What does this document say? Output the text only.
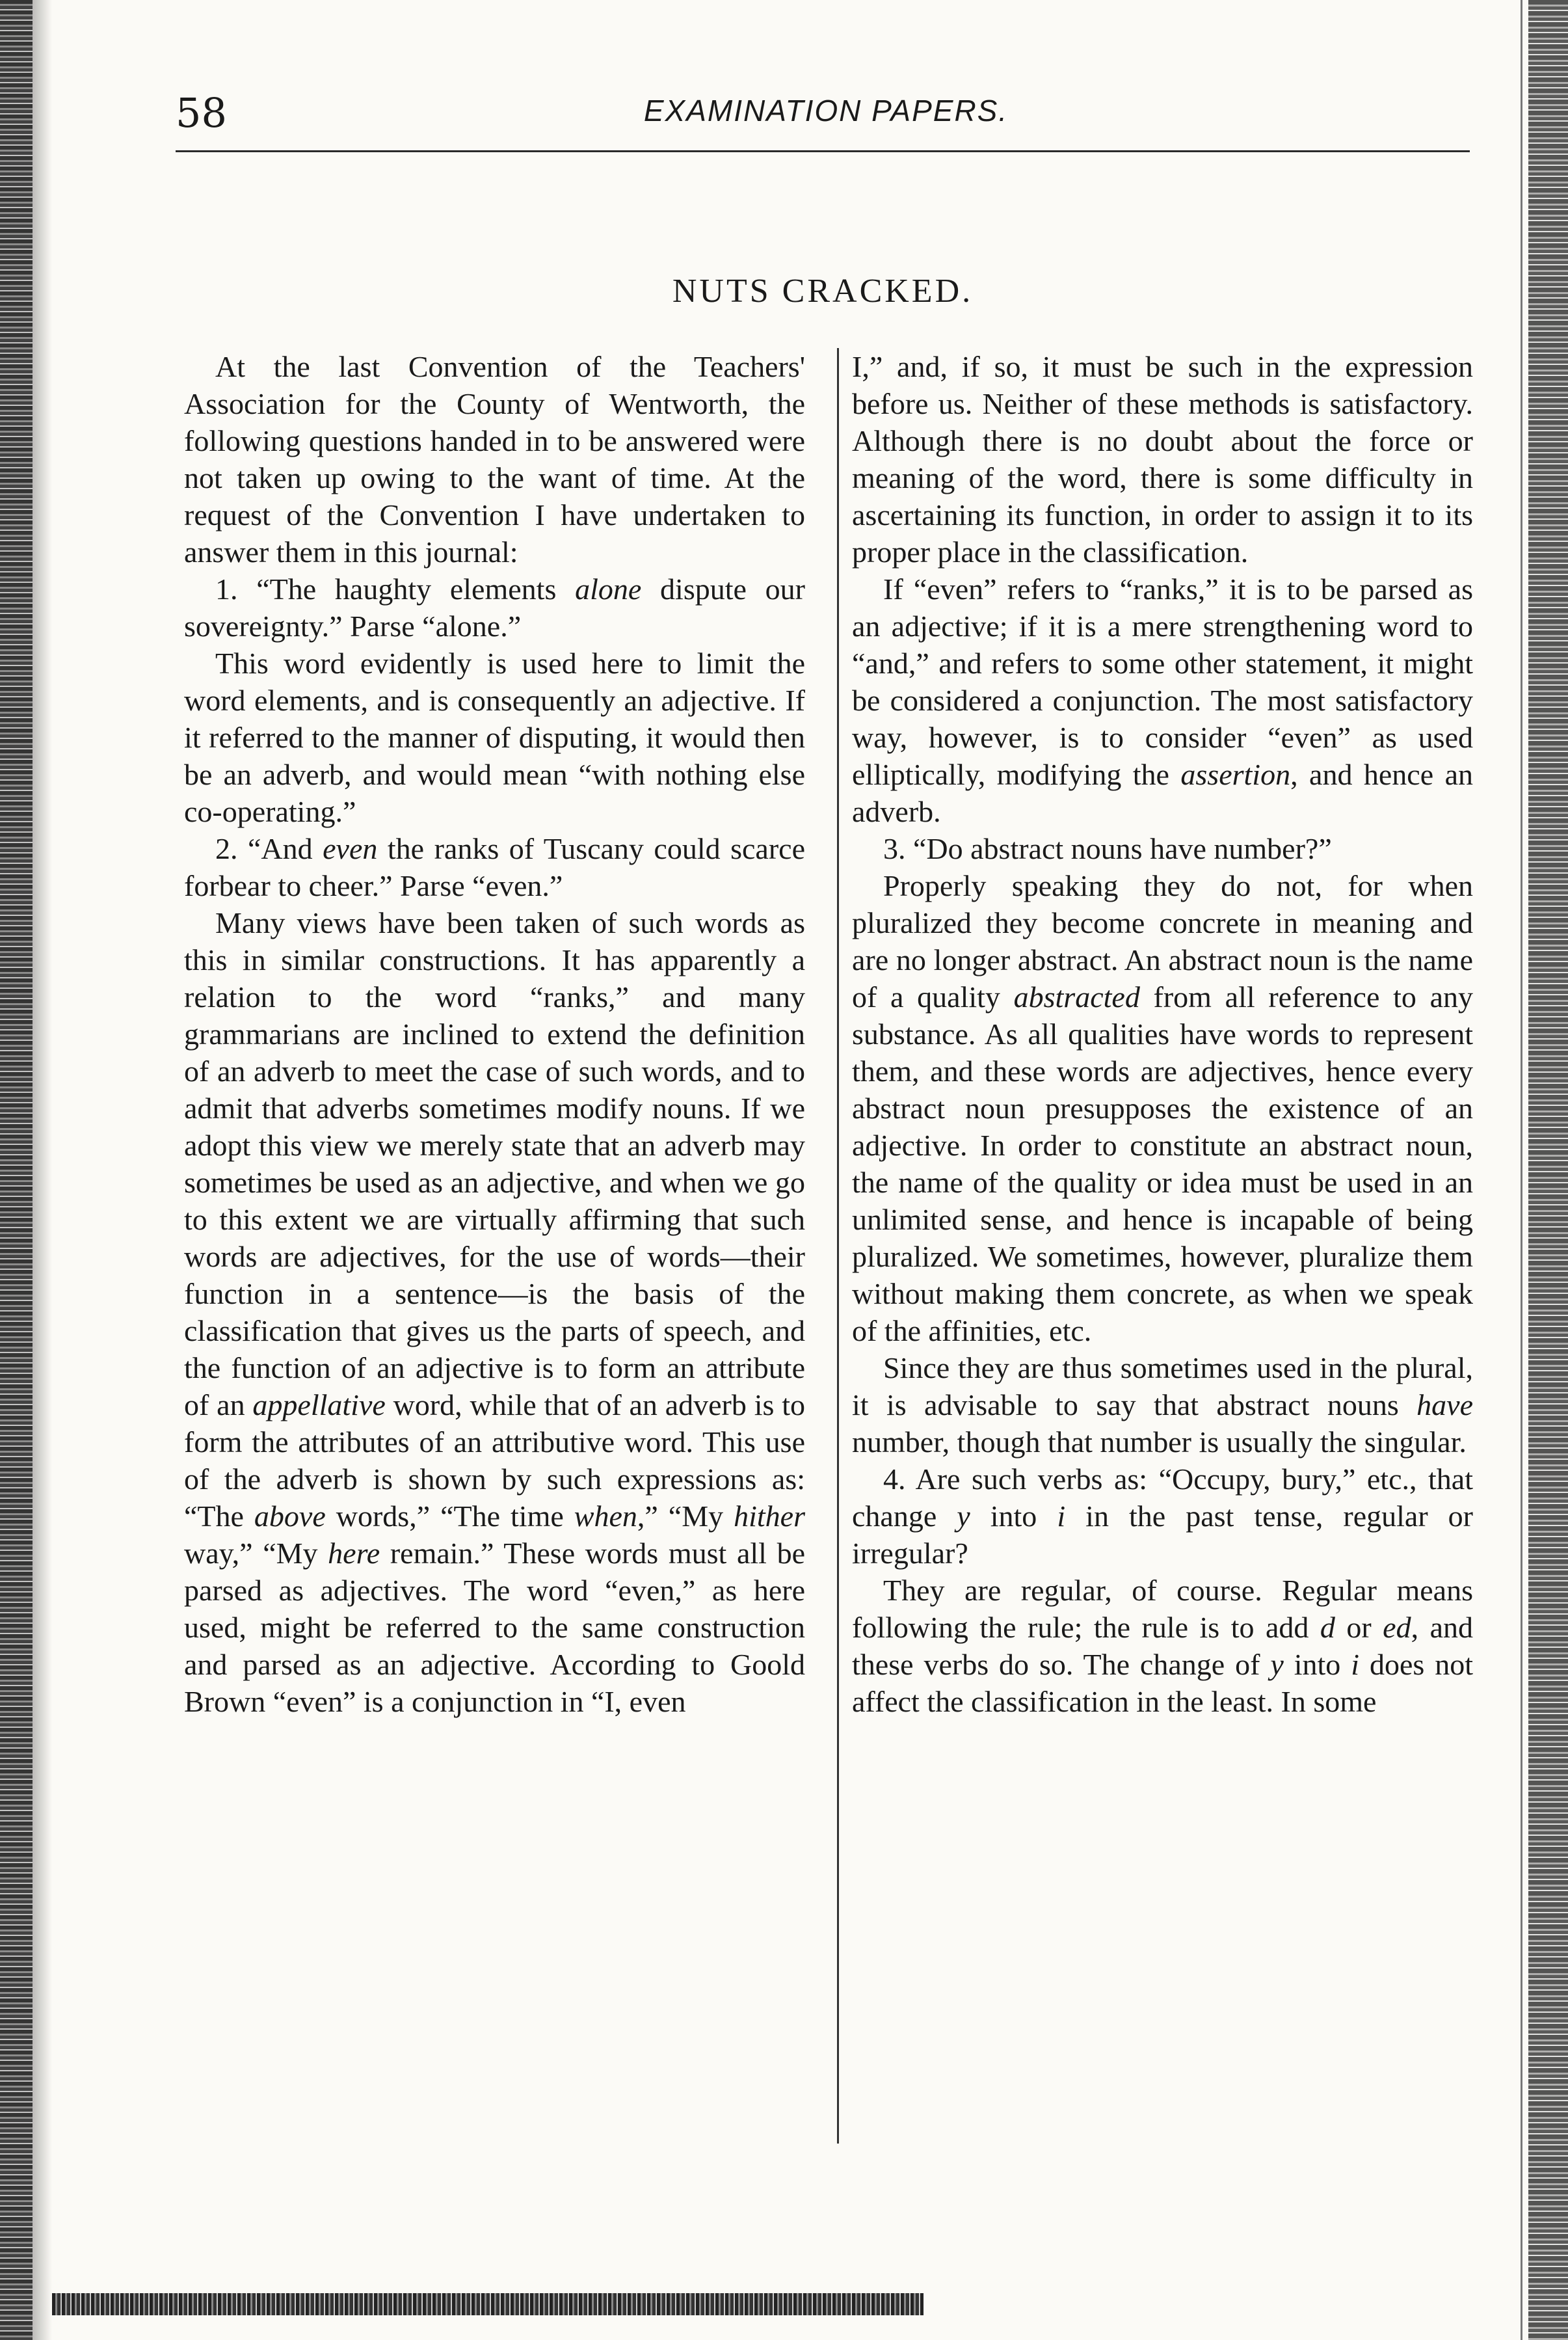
58	EXAMINATION PAPERS.
NUTS CRACKED.

At the last Convention of the Teachers' Association for the County of Wentworth, the following questions handed in to be answered were not taken up owing to the want of time. At the request of the Convention I have undertaken to answer them in this journal:

1. “The haughty elements alone dispute our sovereignty.” Parse “alone.”

This word evidently is used here to limit the word elements, and is consequently an adjective. If it referred to the manner of disputing, it would then be an adverb, and would mean “with nothing else co-operating.”

2. “And even the ranks of Tuscany could scarce forbear to cheer.” Parse “even.”

Many views have been taken of such words as this in similar constructions. It has apparently a relation to the word “ranks,” and many grammarians are inclined to extend the definition of an adverb to meet the case of such words, and to admit that adverbs sometimes modify nouns. If we adopt this view we merely state that an adverb may sometimes be used as an adjective, and when we go to this extent we are virtually affirming that such words are adjectives, for the use of words—their function in a sentence—is the basis of the classification that gives us the parts of speech, and the function of an adjective is to form an attribute of an appellative word, while that of an adverb is to form the attributes of an attributive word. This use of the adverb is shown by such expressions as: “The above words,” “The time when,” “My hither way,” “My here remain.” These words must all be parsed as adjectives. The word “even,” as here used, might be referred to the same construction and parsed as an adjective. According to Goold Brown “even” is a conjunction in “I, even

I,” and, if so, it must be such in the expression before us. Neither of these methods is satisfactory. Although there is no doubt about the force or meaning of the word, there is some difficulty in ascertaining its function, in order to assign it to its proper place in the classification.

If “even” refers to “ranks,” it is to be parsed as an adjective; if it is a mere strengthening word to “and,” and refers to some other statement, it might be considered a conjunction. The most satisfactory way, however, is to consider “even” as used elliptically, modifying the assertion, and hence an adverb.

3. “Do abstract nouns have number?”

Properly speaking they do not, for when pluralized they become concrete in meaning and are no longer abstract. An abstract noun is the name of a quality abstracted from all reference to any substance. As all qualities have words to represent them, and these words are adjectives, hence every abstract noun presupposes the existence of an adjective. In order to constitute an abstract noun, the name of the quality or idea must be used in an unlimited sense, and hence is incapable of being pluralized. We sometimes, however, pluralize them without making them concrete, as when we speak of the affinities, etc.

Since they are thus sometimes used in the plural, it is advisable to say that abstract nouns have number, though that number is usually the singular.

4. Are such verbs as: “Occupy, bury,” etc., that change y into i in the past tense, regular or irregular?

They are regular, of course. Regular means following the rule; the rule is to add d or ed, and these verbs do so. The change of y into i does not affect the classification in the least. In some
